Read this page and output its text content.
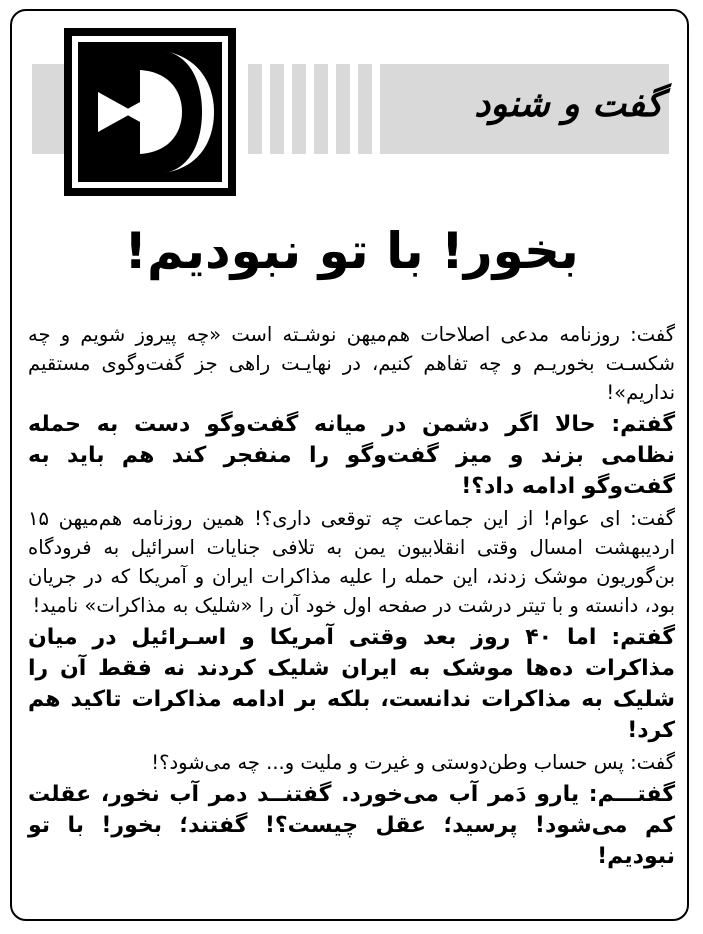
گفت و شنود
بخور! با تو نبودیم!

گفت: روزنامه مدعی اصلاحات هم‌میهن نوشـته است «چه پیروز شویم و چه شکسـت بخوریـم و چه تفاهم کنیم، در نهایـت راهی جز گفت‌وگوی مستقیم نداریم»!

گفتم: حالا اگر دشمن در میانه گفت‌وگو دست به حمله نظامی بزند و میز گفت‌وگو را منفجر کند هم باید به گفت‌وگو ادامه داد؟!

گفت: ای عوام! از این جماعت چه توقعی داری؟! همین روزنامه هم‌میهن ۱۵ اردیبهشت امسال وقتی انقلابیون یمن به تلافی جنایات اسرائیل به فرودگاه بن‌گوریون موشک زدند، این حمله را علیه مذاکرات ایران و آمریکا که در جریان بود، دانسته و با تیتر درشت در صفحه اول خود آن را «شلیک به مذاکرات» نامید!

گفتم: اما ۴۰ روز بعد وقتی آمریکا و اسـرائیل در میان مذاکرات ده‌ها موشک به ایران شلیک کردند نه فقط آن را شلیک به مذاکرات ندانست، بلکه بر ادامه مذاکرات تاکید هم کرد!

گفت: پس حساب وطن‌دوستی و غیرت و ملیت و... چه می‌شود؟!

گفتـــم: یارو دَمر آب می‌خورد. گفتنــد دمر آب نخور، عقلت کم می‌شود! پرسید؛ عقل چیست؟! گفتند؛ بخور! با تو نبودیم!
